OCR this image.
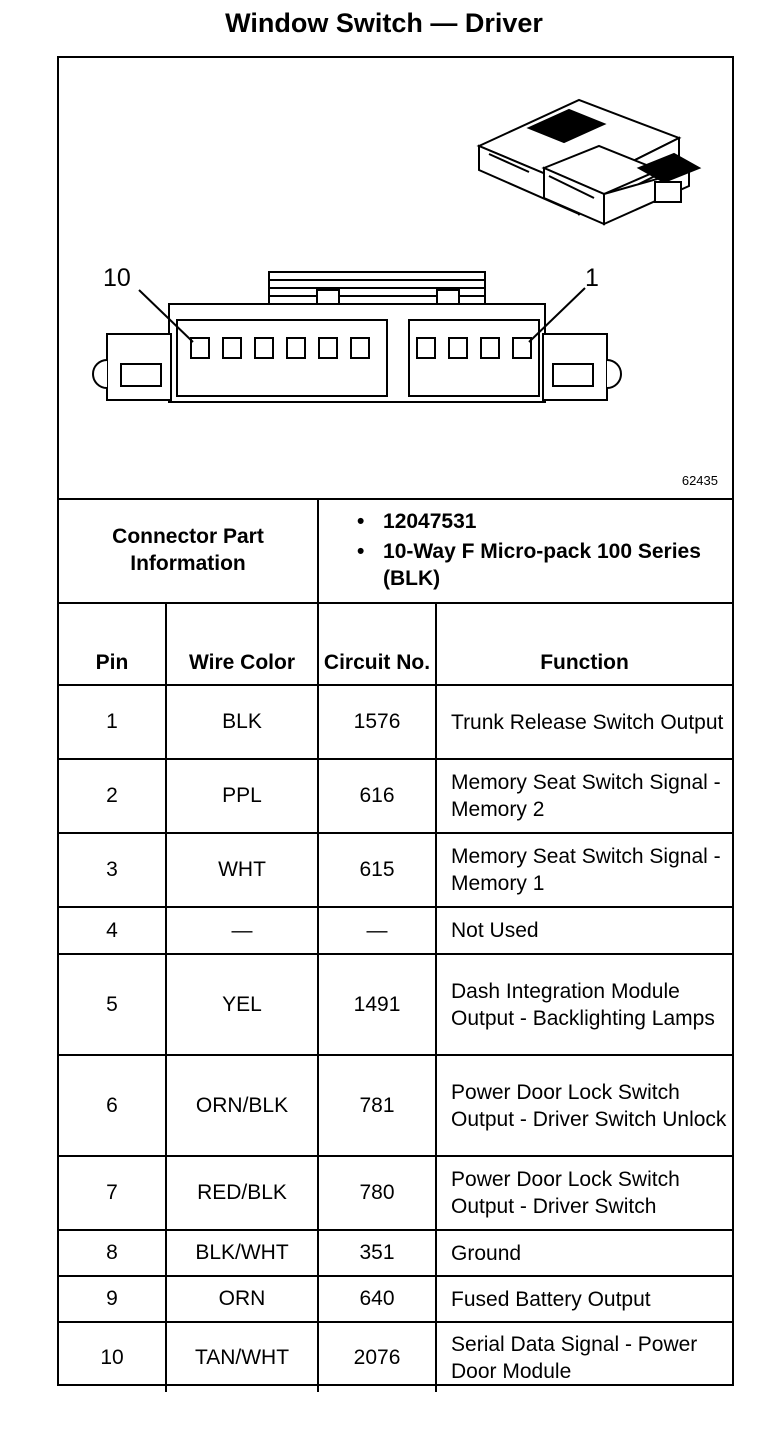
Window Switch — Driver
10	1
62435
Connector Part Information		• 12047531
• 10-Way F Micro-pack 100 Series (BLK)	

Pin	Wire Color	Circuit No.	Function
1	BLK	1576	Trunk Release Switch Output
2	PPL	616	Memory Seat Switch Signal - Memory 2
3	WHT	615	Memory Seat Switch Signal - Memory 1
4	—	—	Not Used
5	YEL	1491	Dash Integration Module Output - Backlighting Lamps
6	ORN/BLK	781	Power Door Lock Switch Output - Driver Switch Unlock
7	RED/BLK	780	Power Door Lock Switch Output - Driver Switch
8	BLK/WHT	351	Ground
9	ORN	640	Fused Battery Output
10	TAN/WHT	2076	Serial Data Signal - Power Door Module
